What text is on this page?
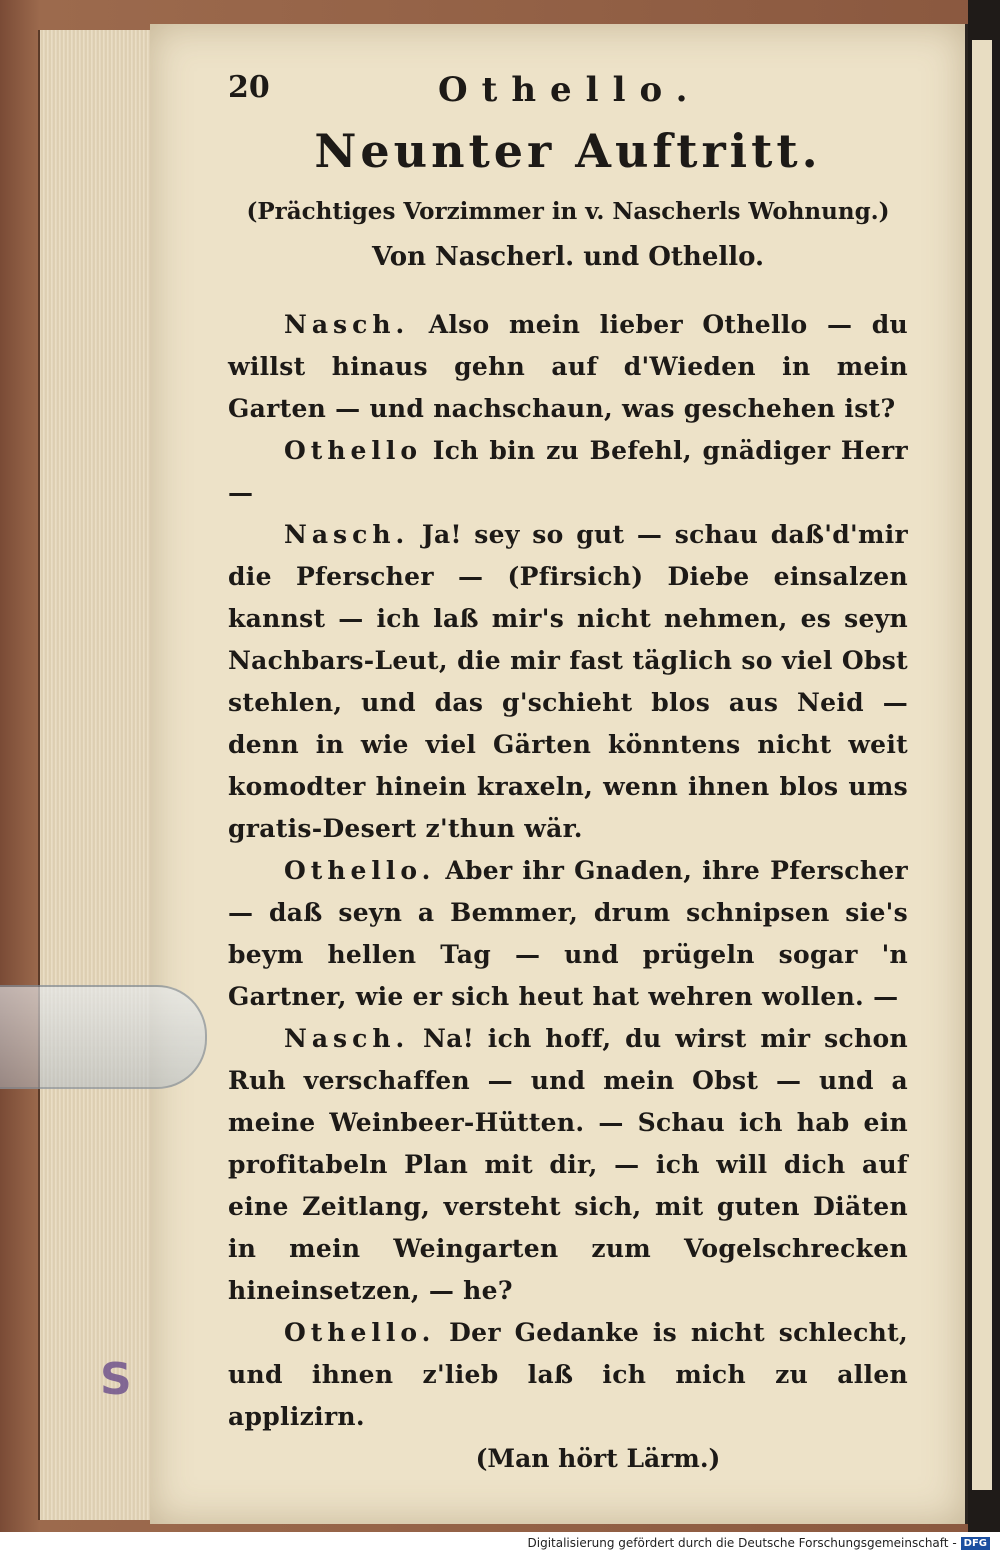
20	Othello.
Neunter Auftritt.
(Prächtiges Vorzimmer in v. Nascherls Wohnung.)
Von Nascherl. und Othello.

Nasch. Also mein lieber Othello — du willst hinaus gehn auf d'Wieden in mein Garten — und nachschaun, was geschehen ist?

Othello Ich bin zu Befehl, gnädiger Herr —

Nasch. Ja! sey so gut — schau daß'd'mir die Pferscher — (Pfirsich) Diebe einsalzen kannst — ich laß mir's nicht nehmen, es seyn Nachbars-Leut, die mir fast täglich so viel Obst stehlen, und das g'schieht blos aus Neid — denn in wie viel Gärten könntens nicht weit komodter hinein kraxeln, wenn ihnen blos ums gratis-Desert z'thun wär.

Othello. Aber ihr Gnaden, ihre Pferscher — daß seyn a Bemmer, drum schnipsen sie's beym hellen Tag — und prügeln sogar 'n Gartner, wie er sich heut hat wehren wollen. —

Nasch. Na! ich hoff, du wirst mir schon Ruh verschaffen — und mein Obst — und a meine Weinbeer-Hütten. — Schau ich hab ein profitabeln Plan mit dir, — ich will dich auf eine Zeitlang, versteht sich, mit guten Diäten in mein Weingarten zum Vogelschrecken hineinsetzen, — he?

Othello. Der Gedanke is nicht schlecht, und ihnen z'lieb laß ich mich zu allen applizirn.

(Man hört Lärm.)
S
Digitalisierung gefördert durch die Deutsche Forschungsgemeinschaft - DFG
